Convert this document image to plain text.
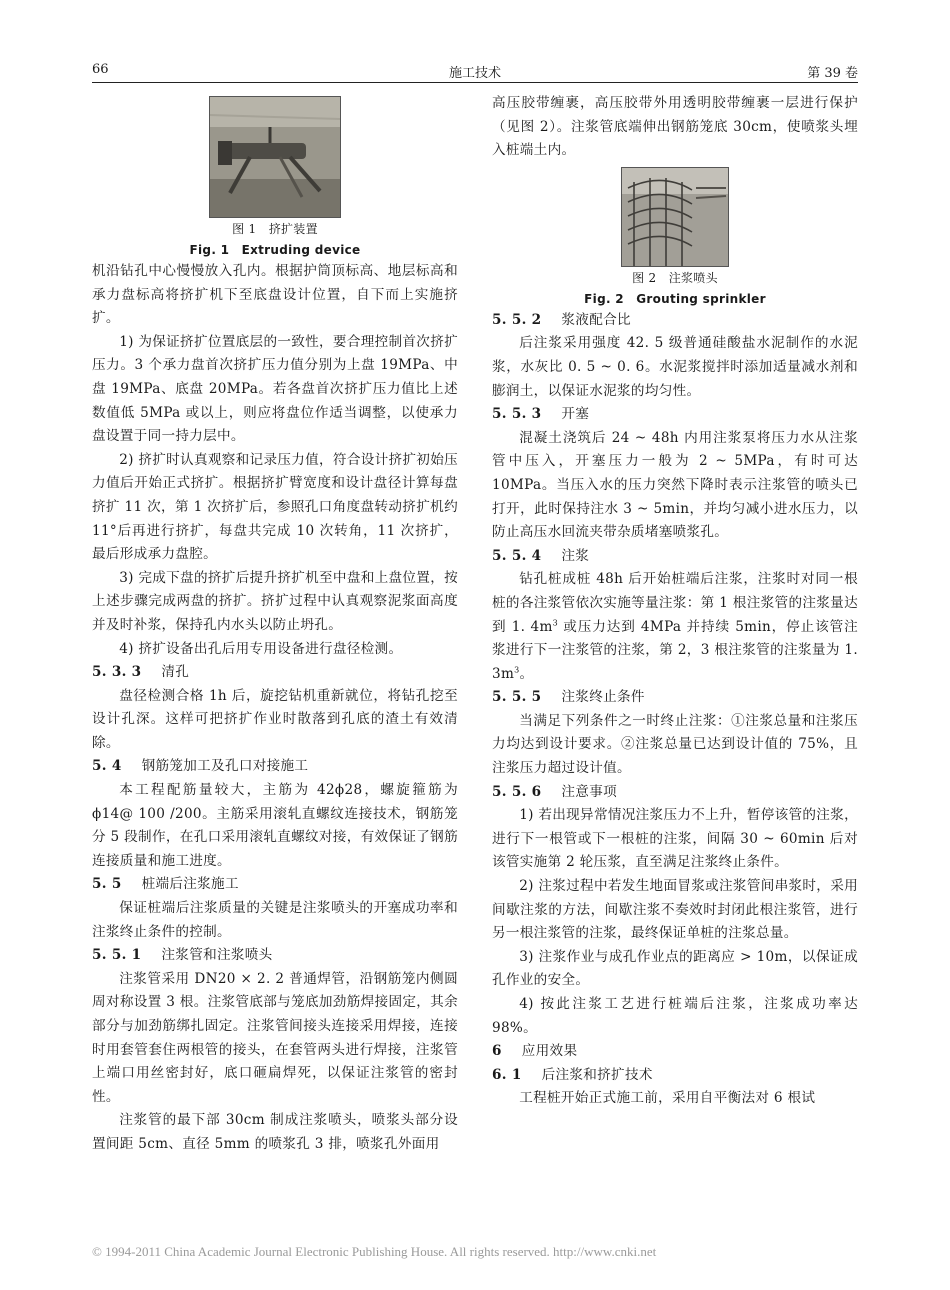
66	施工技术	第 39 卷
图 1　挤扩装置
Fig. 1　Extruding device

机沿钻孔中心慢慢放入孔内。根据护筒顶标高、地层标高和承力盘标高将挤扩机下至底盘设计位置，自下而上实施挤扩。

1) 为保证挤扩位置底层的一致性，要合理控制首次挤扩压力。3 个承力盘首次挤扩压力值分别为上盘 19MPa、中盘 19MPa、底盘 20MPa。若各盘首次挤扩压力值比上述数值低 5MPa 或以上，则应将盘位作适当调整，以使承力盘设置于同一持力层中。

2) 挤扩时认真观察和记录压力值，符合设计挤扩初始压力值后开始正式挤扩。根据挤扩臂宽度和设计盘径计算每盘挤扩 11 次，第 1 次挤扩后，参照孔口角度盘转动挤扩机约 11°后再进行挤扩，每盘共完成 10 次转角，11 次挤扩，最后形成承力盘腔。

3) 完成下盘的挤扩后提升挤扩机至中盘和上盘位置，按上述步骤完成两盘的挤扩。挤扩过程中认真观察泥浆面高度并及时补浆，保持孔内水头以防止坍孔。

4) 挤扩设备出孔后用专用设备进行盘径检测。

5. 3. 3 清孔

盘径检测合格 1h 后，旋挖钻机重新就位，将钻孔挖至设计孔深。这样可把挤扩作业时散落到孔底的渣土有效清除。

5. 4 钢筋笼加工及孔口对接施工

本工程配筋量较大，主筋为 42ϕ28，螺旋箍筋为 ϕ14@ 100 /200。主筋采用滚轧直螺纹连接技术，钢筋笼分 5 段制作，在孔口采用滚轧直螺纹对接，有效保证了钢筋连接质量和施工进度。

5. 5 桩端后注浆施工

保证桩端后注浆质量的关键是注浆喷头的开塞成功率和注浆终止条件的控制。

5. 5. 1 注浆管和注浆喷头

注浆管采用 DN20 × 2. 2 普通焊管，沿钢筋笼内侧圆周对称设置 3 根。注浆管底部与笼底加劲筋焊接固定，其余部分与加劲筋绑扎固定。注浆管间接头连接采用焊接，连接时用套管套住两根管的接头，在套管两头进行焊接，注浆管上端口用丝密封好，底口砸扁焊死，以保证注浆管的密封性。

注浆管的最下部 30cm 制成注浆喷头，喷浆头部分设置间距 5cm、直径 5mm 的喷浆孔 3 排，喷浆孔外面用

高压胶带缠裹，高压胶带外用透明胶带缠裹一层进行保护（见图 2）。注浆管底端伸出钢筋笼底 30cm，使喷浆头埋入桩端土内。

图 2　注浆喷头
Fig. 2　Grouting sprinkler

5. 5. 2 浆液配合比

后注浆采用强度 42. 5 级普通硅酸盐水泥制作的水泥浆，水灰比 0. 5 ~ 0. 6。水泥浆搅拌时添加适量减水剂和膨润土，以保证水泥浆的均匀性。

5. 5. 3 开塞

混凝土浇筑后 24 ~ 48h 内用注浆泵将压力水从注浆管中压入，开塞压力一般为 2 ~ 5MPa，有时可达 10MPa。当压入水的压力突然下降时表示注浆管的喷头已打开，此时保持注水 3 ~ 5min，并均匀减小进水压力，以防止高压水回流夹带杂质堵塞喷浆孔。

5. 5. 4 注浆

钻孔桩成桩 48h 后开始桩端后注浆，注浆时对同一根桩的各注浆管依次实施等量注浆：第 1 根注浆管的注浆量达到 1. $4m^3$ 或压力达到 4MPa 并持续 5min，停止该管注浆进行下一注浆管的注浆，第 2，3 根注浆管的注浆量为 1. $3m^3$。

5. 5. 5 注浆终止条件

当满足下列条件之一时终止注浆：①注浆总量和注浆压力均达到设计要求。②注浆总量已达到设计值的 75%，且注浆压力超过设计值。

5. 5. 6 注意事项

1) 若出现异常情况注浆压力不上升，暂停该管的注浆，进行下一根管或下一根桩的注浆，间隔 30 ~ 60min 后对该管实施第 2 轮压浆，直至满足注浆终止条件。

2) 注浆过程中若发生地面冒浆或注浆管间串浆时，采用间歇注浆的方法，间歇注浆不奏效时封闭此根注浆管，进行另一根注浆管的注浆，最终保证单桩的注浆总量。

3) 注浆作业与成孔作业点的距离应 > 10m，以保证成孔作业的安全。

4) 按此注浆工艺进行桩端后注浆，注浆成功率达 98%。

6 应用效果

6. 1 后注浆和挤扩技术

工程桩开始正式施工前，采用自平衡法对 6 根试

© 1994-2011 China Academic Journal Electronic Publishing House. All rights reserved. http://www.cnki.net
